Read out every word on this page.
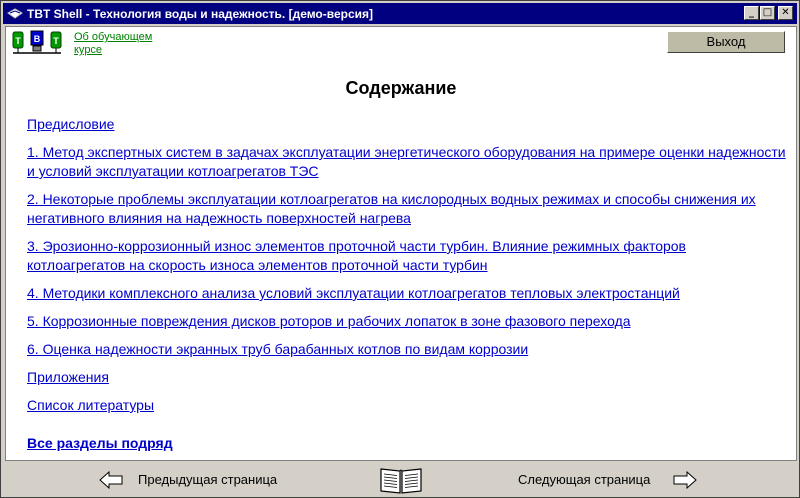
TBT Shell - Технология воды и надежность. [демо-версия]	_ □ ✕
Т В Т Об обучающем курсе
Выход
Содержание
Предисловие
1. Метод экспертных систем в задачах эксплуатации энергетического оборудования на примере оценки надежности и условий эксплуатации котлоагрегатов ТЭС
2. Некоторые проблемы эксплуатации котлоагрегатов на кислородных водных режимах и способы снижения их негативного влияния на надежность поверхностей нагрева
3. Эрозионно-коррозионный износ элементов проточной части турбин. Влияние режимных факторов котлоагрегатов на скорость износа элементов проточной части турбин
4. Методики комплексного анализа условий эксплуатации котлоагрегатов тепловых электростанций
5. Коррозионные повреждения дисков роторов и рабочих лопаток в зоне фазового перехода
6. Оценка надежности экранных труб барабанных котлов по видам коррозии
Приложения
Список литературы
Все разделы подряд
Предыдущая страница	Следующая страница
